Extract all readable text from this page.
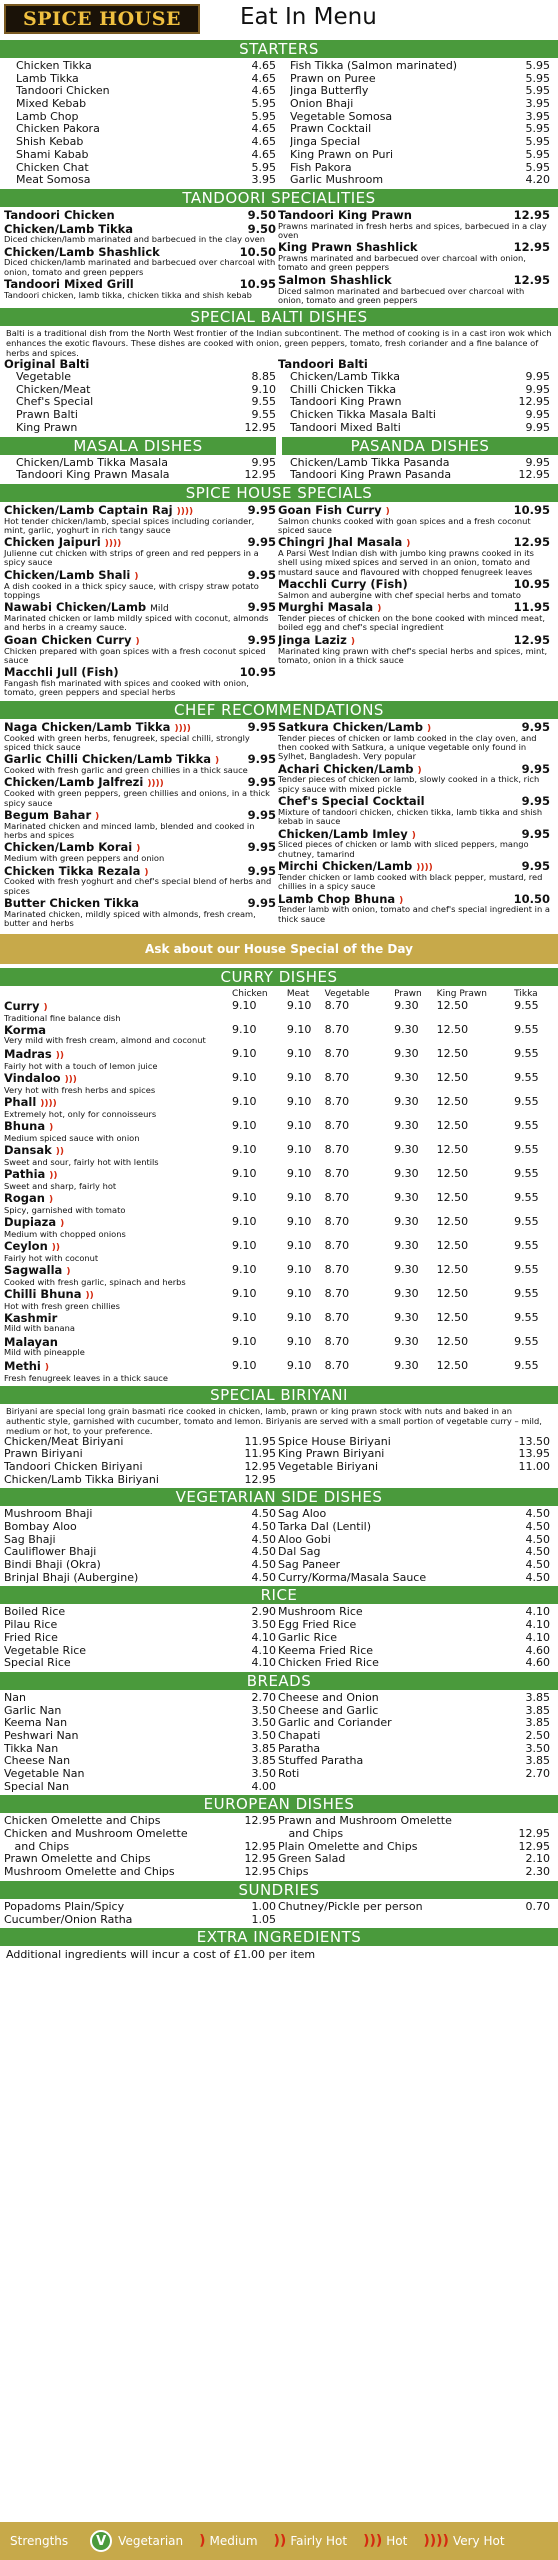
SPICE HOUSE	Eat In Menu
STARTERS
Chicken Tikka	4.65
Lamb Tikka	4.65
Tandoori Chicken	4.65
Mixed Kebab	5.95
Lamb Chop	5.95
Chicken Pakora	4.65
Shish Kebab	4.65
Shami Kabab	4.65
Chicken Chat	5.95
Meat Somosa	3.95
Fish Tikka (Salmon marinated)	5.95
Prawn on Puree	5.95
Jinga Butterfly	5.95
Onion Bhaji	3.95
Vegetable Somosa	3.95
Prawn Cocktail	5.95
Jinga Special	5.95
King Prawn on Puri	5.95
Fish Pakora	5.95
Garlic Mushroom	4.20
TANDOORI SPECIALITIES
Tandoori Chicken	9.50
Chicken/Lamb Tikka	9.50
Diced chicken/lamb marinated and barbecued in the clay oven
Chicken/Lamb Shashlick	10.50
Diced chicken/lamb marinated and barbecued over charcoal with onion, tomato and green peppers
Tandoori Mixed Grill	10.95
Tandoori chicken, lamb tikka, chicken tikka and shish kebab
Tandoori King Prawn	12.95
Prawns marinated in fresh herbs and spices, barbecued in a clay oven
King Prawn Shashlick	12.95
Prawns marinated and barbecued over charcoal with onion, tomato and green peppers
Salmon Shashlick	12.95
Diced salmon marinated and barbecued over charcoal with onion, tomato and green peppers
SPECIAL BALTI DISHES
Balti is a traditional dish from the North West frontier of the Indian subcontinent. The method of cooking is in a cast iron wok which enhances the exotic flavours. These dishes are cooked with onion, green peppers, tomato, fresh coriander and a fine balance of herbs and spices.
Original Balti
Vegetable	8.85
Chicken/Meat	9.10
Chef's Special	9.55
Prawn Balti	9.55
King Prawn	12.95
Tandoori Balti
Chicken/Lamb Tikka	9.95
Chilli Chicken Tikka	9.95
Tandoori King Prawn	12.95
Chicken Tikka Masala Balti	9.95
Tandoori Mixed Balti	9.95
MASALA DISHES	PASANDA DISHES
Chicken/Lamb Tikka Masala	9.95
Tandoori King Prawn Masala	12.95
Chicken/Lamb Tikka Pasanda	9.95
Tandoori King Prawn Pasanda	12.95
SPICE HOUSE SPECIALS
Chicken/Lamb Captain Raj ))))	9.95
Hot tender chicken/lamb, special spices including coriander, mint, garlic, yoghurt in rich tangy sauce
Chicken Jaipuri ))))	9.95
Julienne cut chicken with strips of green and red peppers in a spicy sauce
Chicken/Lamb Shali )	9.95
A dish cooked in a thick spicy sauce, with crispy straw potato toppings
Nawabi Chicken/Lamb Mild	9.95
Marinated chicken or lamb mildly spiced with coconut, almonds and herbs in a creamy sauce.
Goan Chicken Curry )	9.95
Chicken prepared with goan spices with a fresh coconut spiced sauce
Macchli Jull (Fish)	10.95
Fangash fish marinated with spices and cooked with onion, tomato, green peppers and special herbs
Goan Fish Curry )	10.95
Salmon chunks cooked with goan spices and a fresh coconut spiced sauce
Chingri Jhal Masala )	12.95
A Parsi West Indian dish with jumbo king prawns cooked in its shell using mixed spices and served in an onion, tomato and mustard sauce and flavoured with chopped fenugreek leaves
Macchli Curry (Fish)	10.95
Salmon and aubergine with chef special herbs and tomato
Murghi Masala )	11.95
Tender pieces of chicken on the bone cooked with minced meat, boiled egg and chef's special ingredient
Jinga Laziz )	12.95
Marinated king prawn with chef's special herbs and spices, mint, tomato, onion in a thick sauce
CHEF RECOMMENDATIONS
Naga Chicken/Lamb Tikka ))))	9.95
Cooked with green herbs, fenugreek, special chilli, strongly spiced thick sauce
Garlic Chilli Chicken/Lamb Tikka ) 9.95
Cooked with fresh garlic and green chillies in a thick sauce
Chicken/Lamb Jalfrezi ))))	9.95
Cooked with green peppers, green chillies and onions, in a thick spicy sauce
Begum Bahar )	9.95
Marinated chicken and minced lamb, blended and cooked in herbs and spices
Chicken/Lamb Korai )	9.95
Medium with green peppers and onion
Chicken Tikka Rezala )	9.95
Cooked with fresh yoghurt and chef's special blend of herbs and spices
Butter Chicken Tikka	9.95
Marinated chicken, mildly spiced with almonds, fresh cream, butter and herbs
Satkura Chicken/Lamb )	9.95
Tender pieces of chicken or lamb cooked in the clay oven, and then cooked with Satkura, a unique vegetable only found in Sylhet, Bangladesh. Very popular
Achari Chicken/Lamb )	9.95
Tender pieces of chicken or lamb, slowly cooked in a thick, rich spicy sauce with mixed pickle
Chef's Special Cocktail	9.95
Mixture of tandoori chicken, chicken tikka, lamb tikka and shish kebab in sauce
Chicken/Lamb Imley )	9.95
Sliced pieces of chicken or lamb with sliced peppers, mango chutney, tamarind
Mirchi Chicken/Lamb ))))	9.95
Tender chicken or lamb cooked with black pepper, mustard, red chillies in a spicy sauce
Lamb Chop Bhuna )	10.50
Tender lamb with onion, tomato and chef's special ingredient in a thick sauce
Ask about our House Special of the Day
CURRY DISHES
	Chicken	Meat	Vegetable	Prawn	King Prawn	Tikka
Curry )
Traditional fine balance dish	9.10	9.10	8.70	9.30	12.50	9.55
Korma
Very mild with fresh cream, almond and coconut	9.10	9.10	8.70	9.30	12.50	9.55
Madras ))
Fairly hot with a touch of lemon juice	9.10	9.10	8.70	9.30	12.50	9.55
Vindaloo )))
Very hot with fresh herbs and spices	9.10	9.10	8.70	9.30	12.50	9.55
Phall ))))
Extremely hot, only for connoisseurs	9.10	9.10	8.70	9.30	12.50	9.55
Bhuna )
Medium spiced sauce with onion	9.10	9.10	8.70	9.30	12.50	9.55
Dansak ))
Sweet and sour, fairly hot with lentils	9.10	9.10	8.70	9.30	12.50	9.55
Pathia ))
Sweet and sharp, fairly hot	9.10	9.10	8.70	9.30	12.50	9.55
Rogan )
Spicy, garnished with tomato	9.10	9.10	8.70	9.30	12.50	9.55
Dupiaza )
Medium with chopped onions	9.10	9.10	8.70	9.30	12.50	9.55
Ceylon ))
Fairly hot with coconut	9.10	9.10	8.70	9.30	12.50	9.55
Sagwalla )
Cooked with fresh garlic, spinach and herbs	9.10	9.10	8.70	9.30	12.50	9.55
Chilli Bhuna ))
Hot with fresh green chillies	9.10	9.10	8.70	9.30	12.50	9.55
Kashmir
Mild with banana	9.10	9.10	8.70	9.30	12.50	9.55
Malayan
Mild with pineapple	9.10	9.10	8.70	9.30	12.50	9.55
Methi )
Fresh fenugreek leaves in a thick sauce	9.10	9.10	8.70	9.30	12.50	9.55
SPECIAL BIRIYANI
Biriyani are special long grain basmati rice cooked in chicken, lamb, prawn or king prawn stock with nuts and baked in an authentic style, garnished with cucumber, tomato and lemon. Biriyanis are served with a small portion of vegetable curry – mild, medium or hot, to your preference.
Chicken/Meat Biriyani	11.95
Prawn Biriyani	11.95
Tandoori Chicken Biriyani	12.95
Chicken/Lamb Tikka Biriyani	12.95
Spice House Biriyani	13.50
King Prawn Biriyani	13.95
Vegetable Biriyani	11.00
VEGETARIAN SIDE DISHES
Mushroom Bhaji	4.50
Bombay Aloo	4.50
Sag Bhaji	4.50
Cauliflower Bhaji	4.50
Bindi Bhaji (Okra)	4.50
Brinjal Bhaji (Aubergine)	4.50
Sag Aloo	4.50
Tarka Dal (Lentil)	4.50
Aloo Gobi	4.50
Dal Sag	4.50
Sag Paneer	4.50
Curry/Korma/Masala Sauce	4.50
RICE
Boiled Rice	2.90
Pilau Rice	3.50
Fried Rice	4.10
Vegetable Rice	4.10
Special Rice	4.10
Mushroom Rice	4.10
Egg Fried Rice	4.10
Garlic Rice	4.10
Keema Fried Rice	4.60
Chicken Fried Rice	4.60
BREADS
Nan	2.70
Garlic Nan	3.50
Keema Nan	3.50
Peshwari Nan	3.50
Tikka Nan	3.85
Cheese Nan	3.85
Vegetable Nan	3.50
Special Nan	4.00
Cheese and Onion	3.85
Cheese and Garlic	3.85
Garlic and Coriander	3.85
Chapati	2.50
Paratha	3.50
Stuffed Paratha	3.85
Roti	2.70
EUROPEAN DISHES
Chicken Omelette and Chips	12.95
Chicken and Mushroom Omelette

and Chips	12.95
Prawn Omelette and Chips	12.95
Mushroom Omelette and Chips	12.95
Prawn and Mushroom Omelette

and Chips	12.95
Plain Omelette and Chips	12.95
Green Salad	2.10
Chips	2.30
SUNDRIES
Popadoms Plain/Spicy	1.00
Cucumber/Onion Ratha	1.05
Chutney/Pickle per person	0.70
EXTRA INGREDIENTS
Additional ingredients will incur a cost of £1.00 per item
Strengths	V Vegetarian ) Medium )) Fairly Hot ))) Hot )))) Very Hot
